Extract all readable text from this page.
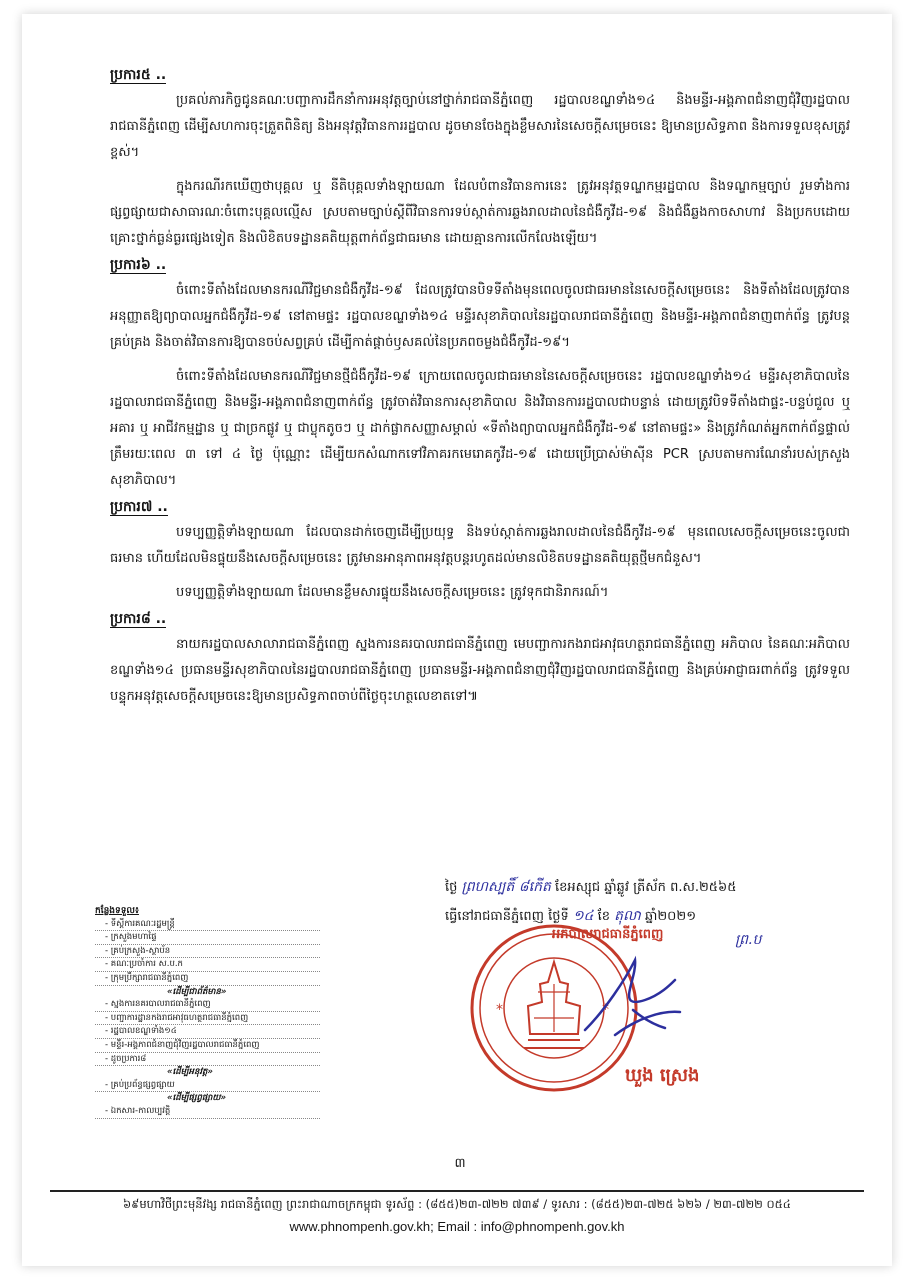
ប្រការ៥ ..

ប្រគល់ភារកិច្ចជូនគណៈបញ្ជាការដឹកនាំការអនុវត្តច្បាប់នៅថ្នាក់រាជធានីភ្នំពេញ រដ្ឋបាលខណ្ឌទាំង១៤ និងមន្ទីរ-អង្គភាពជំនាញជុំវិញរដ្ឋបាលរាជធានីភ្នំពេញ ដើម្បីសហការចុះត្រួតពិនិត្យ និងអនុវត្តវិធានការរដ្ឋបាល ដូចមានចែងក្នុងខ្លឹមសារនៃសេចក្តីសម្រេចនេះ ឱ្យមានប្រសិទ្ធភាព និងការទទួលខុសត្រូវខ្ពស់។

ក្នុងករណីរកឃើញថាបុគ្គល ឬ នីតិបុគ្គលទាំងឡាយណា ដែលបំពានវិធានការនេះ ត្រូវអនុវត្តទណ្ឌកម្មរដ្ឋបាល និងទណ្ឌកម្មច្បាប់ រួមទាំងការផ្សព្វផ្សាយជាសាធារណៈចំពោះបុគ្គលល្មើស ស្របតាមច្បាប់ស្តីពីវិធានការទប់ស្កាត់ការឆ្លងរាលដាលនៃជំងឺកូវីដ-១៩ និងជំងឺឆ្លងកាចសាហាវ និងប្រកបដោយគ្រោះថ្នាក់ធ្ងន់ធ្ងរផ្សេងទៀត និងលិខិតបទដ្ឋានគតិយុត្តពាក់ព័ន្ធជាធរមាន ដោយគ្មានការលើកលែងឡើយ។

ប្រការ៦ ..

ចំពោះទីតាំងដែលមានករណីវិជ្ជមានជំងឺកូវីដ-១៩ ដែលត្រូវបានបិទទីតាំងមុនពេលចូលជាធរមាននៃសេចក្តីសម្រេចនេះ និងទីតាំងដែលត្រូវបានអនុញ្ញាតឱ្យព្យាបាលអ្នកជំងឺកូវីដ-១៩ នៅតាមផ្ទះ រដ្ឋបាលខណ្ឌទាំង១៤ មន្ទីរសុខាភិបាលនៃរដ្ឋបាលរាជធានីភ្នំពេញ និងមន្ទីរ-អង្គភាពជំនាញពាក់ព័ន្ធ ត្រូវបន្តគ្រប់គ្រង និងចាត់វិធានការឱ្យបានចប់សព្វគ្រប់ ដើម្បីកាត់ផ្តាច់ឫសគល់នៃប្រភពចម្លងជំងឺកូវីដ-១៩។

ចំពោះទីតាំងដែលមានករណីវិជ្ជមានថ្មីជំងឺកូវីដ-១៩ ក្រោយពេលចូលជាធរមាននៃសេចក្តីសម្រេចនេះ រដ្ឋបាលខណ្ឌទាំង១៤ មន្ទីរសុខាភិបាលនៃរដ្ឋបាលរាជធានីភ្នំពេញ និងមន្ទីរ-អង្គភាពជំនាញពាក់ព័ន្ធ ត្រូវចាត់វិធានការសុខាភិបាល និងវិធានការរដ្ឋបាលជាបន្ទាន់ ដោយត្រូវបិទទីតាំងជាផ្ទះ-បន្ទប់ជួល ឬ អគារ ឬ អាជីវកម្មដ្ឋាន ឬ ជាច្រកផ្លូវ ឬ ជាប្លុកតូចៗ ឬ ដាក់ផ្លាកសញ្ញាសម្គាល់ «ទីតាំងព្យាបាលអ្នកជំងឺកូវីដ-១៩ នៅតាមផ្ទះ» និងត្រូវកំណត់អ្នកពាក់ព័ន្ធផ្ទាល់ ត្រឹមរយៈពេល ៣ ទៅ ៤ ថ្ងៃ ប៉ុណ្ណោះ ដើម្បីយកសំណាកទៅវិភាគរកមេរោគកូវីដ-១៩ ដោយប្រើប្រាស់ម៉ាស៊ីន PCR ស្របតាមការណែនាំរបស់ក្រសួងសុខាភិបាល។

ប្រការ៧ ..

បទប្បញ្ញត្តិទាំងឡាយណា ដែលបានដាក់ចេញដើម្បីប្រយុទ្ធ និងទប់ស្កាត់ការឆ្លងរាលដាលនៃជំងឺកូវីដ-១៩ មុនពេលសេចក្តីសម្រេចនេះចូលជាធរមាន ហើយដែលមិនផ្ទុយនឹងសេចក្តីសម្រេចនេះ ត្រូវមានអានុភាពអនុវត្តបន្តរហូតដល់មានលិខិតបទដ្ឋានគតិយុត្តថ្មីមកជំនួស។

បទប្បញ្ញត្តិទាំងឡាយណា ដែលមានខ្លឹមសារផ្ទុយនឹងសេចក្តីសម្រេចនេះ ត្រូវទុកជានិរាករណ៍។

ប្រការ៨ ..

នាយករដ្ឋបាលសាលារាជធានីភ្នំពេញ ស្នងការនគរបាលរាជធានីភ្នំពេញ មេបញ្ជាការកងរាជអាវុធហត្ថរាជធានីភ្នំពេញ អភិបាល នៃគណៈអភិបាលខណ្ឌទាំង១៤ ប្រធានមន្ទីរសុខាភិបាលនៃរដ្ឋបាលរាជធានីភ្នំពេញ ប្រធានមន្ទីរ-អង្គភាពជំនាញជុំវិញរដ្ឋបាលរាជធានីភ្នំពេញ និងគ្រប់អាជ្ញាធរពាក់ព័ន្ធ ត្រូវទទួលបន្ទុកអនុវត្តសេចក្តីសម្រេចនេះឱ្យមានប្រសិទ្ធភាពចាប់ពីថ្ងៃចុះហត្ថលេខាតទៅ៕

ថ្ងៃ ព្រហស្បតិ៍ ៨កើត ខែអស្សុជ ឆ្នាំឆ្លូវ ត្រីស័ក ព.ស.២៥៦៥
ធ្វើនៅរាជធានីភ្នំពេញ ថ្ងៃទី ១៤ ខែ តុលា ឆ្នាំ២០២១
កន្លែងទទួល៖
- ទីស្តីការគណៈរដ្ឋមន្ត្រី
- ក្រសួងមហាផ្ទៃ
- គ្រប់ក្រសួង-ស្ថាប័ន
- គណៈប្រចាំការ ស.ប.ក
- ក្រុមប្រឹក្សារាជធានីភ្នំពេញ
«ដើម្បីជាព័ត៌មាន»
- ស្នងការនគរបាលរាជធានីភ្នំពេញ
- បញ្ជាការដ្ឋានកងរាជអាវុធហត្ថរាជធានីភ្នំពេញ
- រដ្ឋបាលខណ្ឌទាំង១៤
- មន្ទីរ-អង្គភាពជំនាញជុំវិញរដ្ឋបាលរាជធានីភ្នំពេញ
- ដូចប្រការ៨
«ដើម្បីអនុវត្ត»
- គ្រប់ប្រព័ន្ធផ្សព្វផ្សាយ
«ដើម្បីផ្សព្វផ្សាយ»
- ឯកសារ-កាលប្បវត្តិ
*	*
អភិបាលរាជធានីភ្នំពេញ	ព្រ.ប
ឃួង ស្រេង
៣
៦៩មហាវិថីព្រះមុនីវង្ស រាជធានីភ្នំពេញ ព្រះរាជាណាចក្រកម្ពុជា ទូរស័ព្ទ : (៨៥៥)២៣-៧២២ ៧៣៩ / ទូរសារ : (៨៥៥)២៣-៧២៥ ៦២៦ / ២៣-៧២២ ០៥៤
www.phnompenh.gov.kh; Email : info@phnompenh.gov.kh
